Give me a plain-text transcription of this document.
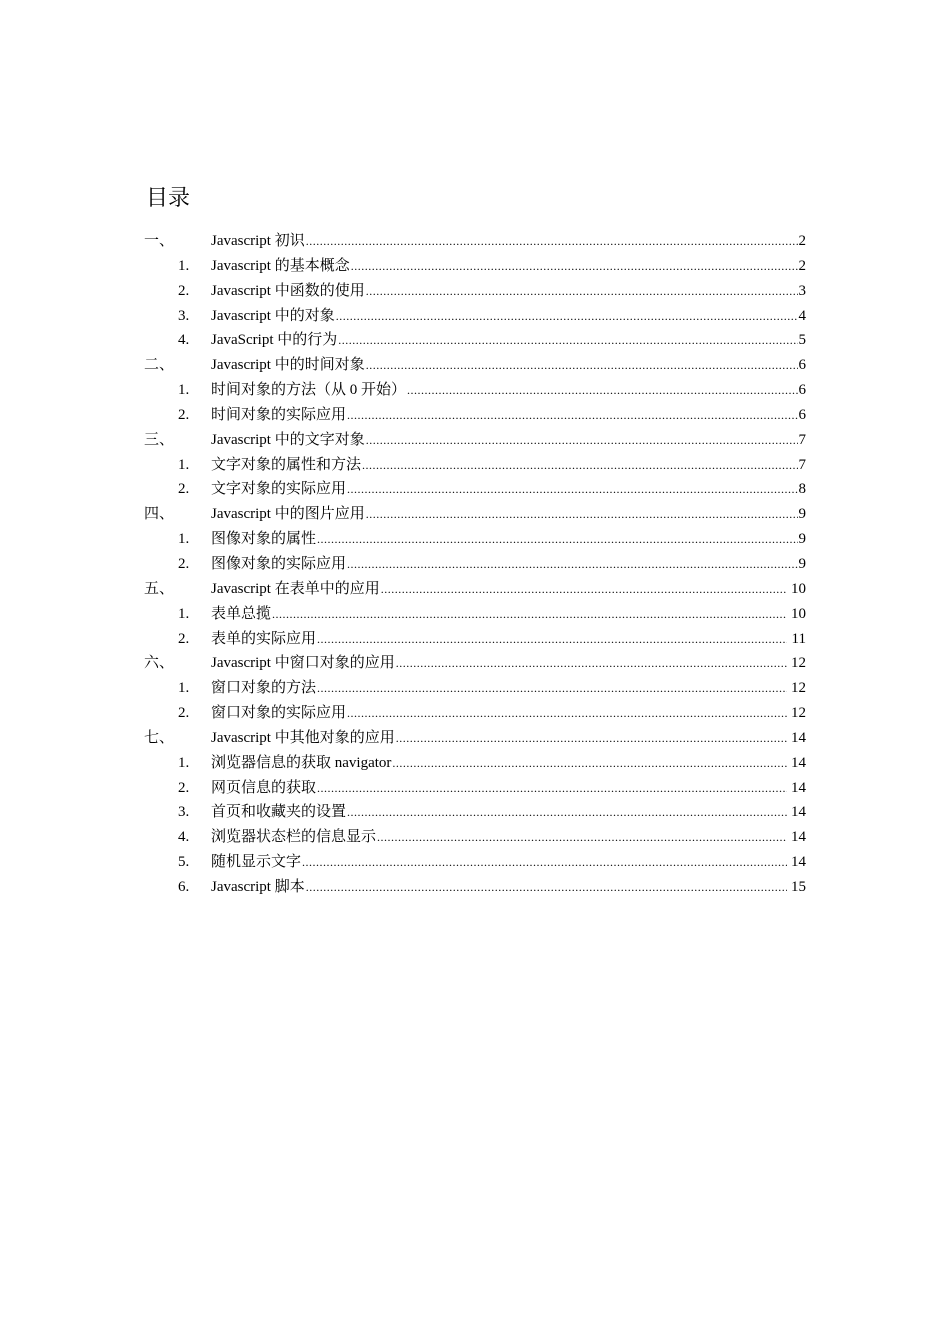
目录
一、 Javascript 初识 .....	2
1. Javascript 的基本概念 .....	2
2. Javascript 中函数的使用 .....	3
3. Javascript 中的对象 .....	4
4. JavaScript 中的行为 .....	5
二、 Javascript 中的时间对象 .....	6
1. 时间对象的方法（从 0 开始） .....	6
2. 时间对象的实际应用 .....	6
三、 Javascript 中的文字对象 .....	7
1. 文字对象的属性和方法 .....	7
2. 文字对象的实际应用 .....	8
四、 Javascript 中的图片应用 .....	9
1. 图像对象的属性 .....	9
2. 图像对象的实际应用 .....	9
五、 Javascript 在表单中的应用 .....	10
1. 表单总揽 .....	10
2. 表单的实际应用 .....	11
六、 Javascript 中窗口对象的应用 .....	12
1. 窗口对象的方法 .....	12
2. 窗口对象的实际应用 .....	12
七、 Javascript 中其他对象的应用 .....	14
1. 浏览器信息的获取 navigator .....	14
2. 网页信息的获取 .....	14
3. 首页和收藏夹的设置 .....	14
4. 浏览器状态栏的信息显示 .....	14
5. 随机显示文字 .....	14
6. Javascript 脚本 .....	15
